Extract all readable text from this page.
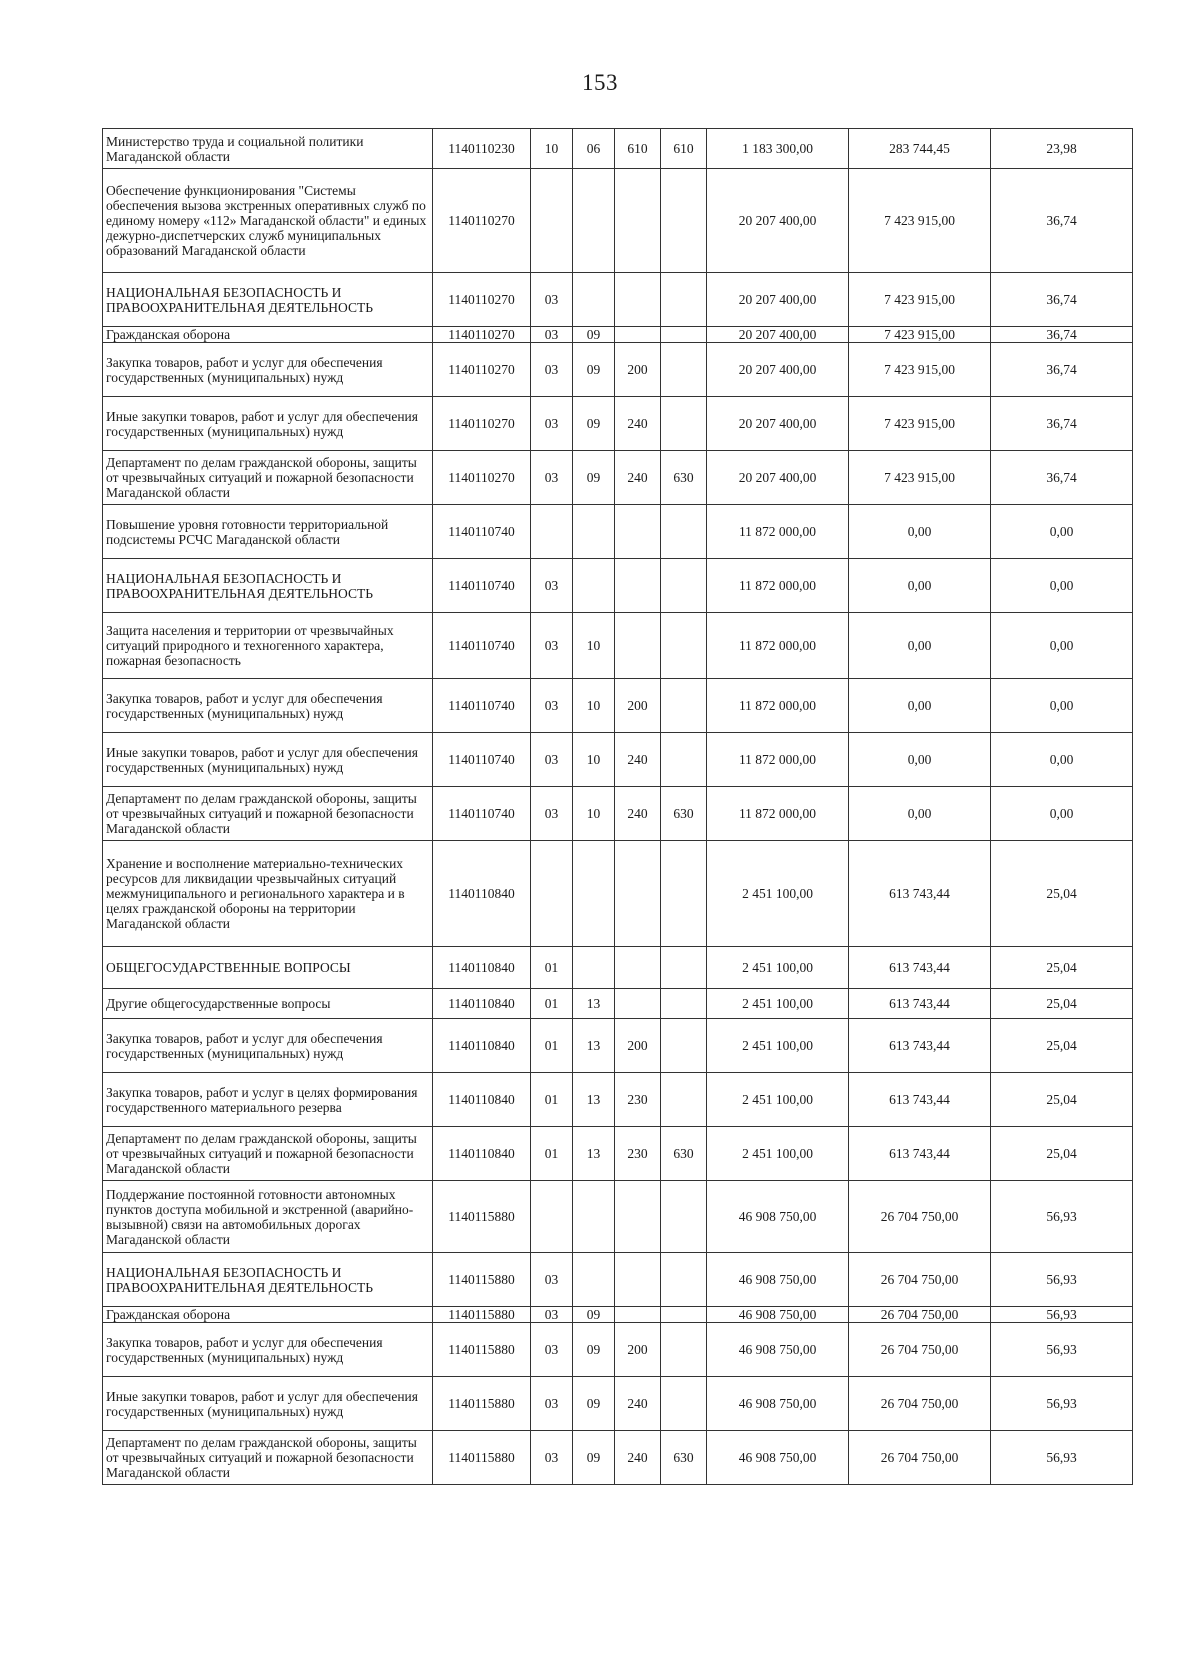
153
Министерство труда и социальной политики Магаданской области	1140110230	10	06	610	610	1 183 300,00	283 744,45	23,98
Обеспечение функционирования "Системы обеспечения вызова экстренных оперативных служб по единому номеру «112» Магаданской области" и единых дежурно-диспетчерских служб муниципальных образований Магаданской области	1140110270					20 207 400,00	7 423 915,00	36,74
НАЦИОНАЛЬНАЯ БЕЗОПАСНОСТЬ И ПРАВООХРАНИТЕЛЬНАЯ ДЕЯТЕЛЬНОСТЬ	1140110270	03				20 207 400,00	7 423 915,00	36,74
Гражданская оборона	1140110270	03	09			20 207 400,00	7 423 915,00	36,74
Закупка товаров, работ и услуг для обеспечения государственных (муниципальных) нужд	1140110270	03	09	200		20 207 400,00	7 423 915,00	36,74
Иные закупки товаров, работ и услуг для обеспечения государственных (муниципальных) нужд	1140110270	03	09	240		20 207 400,00	7 423 915,00	36,74
Департамент по делам гражданской обороны, защиты от чрезвычайных ситуаций и пожарной безопасности Магаданской области	1140110270	03	09	240	630	20 207 400,00	7 423 915,00	36,74
Повышение уровня готовности территориальной подсистемы РСЧС Магаданской области	1140110740					11 872 000,00	0,00	0,00
НАЦИОНАЛЬНАЯ БЕЗОПАСНОСТЬ И ПРАВООХРАНИТЕЛЬНАЯ ДЕЯТЕЛЬНОСТЬ	1140110740	03				11 872 000,00	0,00	0,00
Защита населения и территории от чрезвычайных ситуаций природного и техногенного характера, пожарная безопасность	1140110740	03	10			11 872 000,00	0,00	0,00
Закупка товаров, работ и услуг для обеспечения государственных (муниципальных) нужд	1140110740	03	10	200		11 872 000,00	0,00	0,00
Иные закупки товаров, работ и услуг для обеспечения государственных (муниципальных) нужд	1140110740	03	10	240		11 872 000,00	0,00	0,00
Департамент по делам гражданской обороны, защиты от чрезвычайных ситуаций и пожарной безопасности Магаданской области	1140110740	03	10	240	630	11 872 000,00	0,00	0,00
Хранение и восполнение материально-технических ресурсов для ликвидации чрезвычайных ситуаций межмуниципального и регионального характера и в целях гражданской обороны на территории Магаданской области	1140110840					2 451 100,00	613 743,44	25,04
ОБЩЕГОСУДАРСТВЕННЫЕ ВОПРОСЫ	1140110840	01				2 451 100,00	613 743,44	25,04
Другие общегосударственные вопросы	1140110840	01	13			2 451 100,00	613 743,44	25,04
Закупка товаров, работ и услуг для обеспечения государственных (муниципальных) нужд	1140110840	01	13	200		2 451 100,00	613 743,44	25,04
Закупка товаров, работ и услуг в целях формирования государственного материального резерва	1140110840	01	13	230		2 451 100,00	613 743,44	25,04
Департамент по делам гражданской обороны, защиты от чрезвычайных ситуаций и пожарной безопасности Магаданской области	1140110840	01	13	230	630	2 451 100,00	613 743,44	25,04
Поддержание постоянной готовности автономных пунктов доступа мобильной и экстренной (аварийно-вызывной) связи на автомобильных дорогах Магаданской области	1140115880					46 908 750,00	26 704 750,00	56,93
НАЦИОНАЛЬНАЯ БЕЗОПАСНОСТЬ И ПРАВООХРАНИТЕЛЬНАЯ ДЕЯТЕЛЬНОСТЬ	1140115880	03				46 908 750,00	26 704 750,00	56,93
Гражданская оборона	1140115880	03	09			46 908 750,00	26 704 750,00	56,93
Закупка товаров, работ и услуг для обеспечения государственных (муниципальных) нужд	1140115880	03	09	200		46 908 750,00	26 704 750,00	56,93
Иные закупки товаров, работ и услуг для обеспечения государственных (муниципальных) нужд	1140115880	03	09	240		46 908 750,00	26 704 750,00	56,93
Департамент по делам гражданской обороны, защиты от чрезвычайных ситуаций и пожарной безопасности Магаданской области	1140115880	03	09	240	630	46 908 750,00	26 704 750,00	56,93
